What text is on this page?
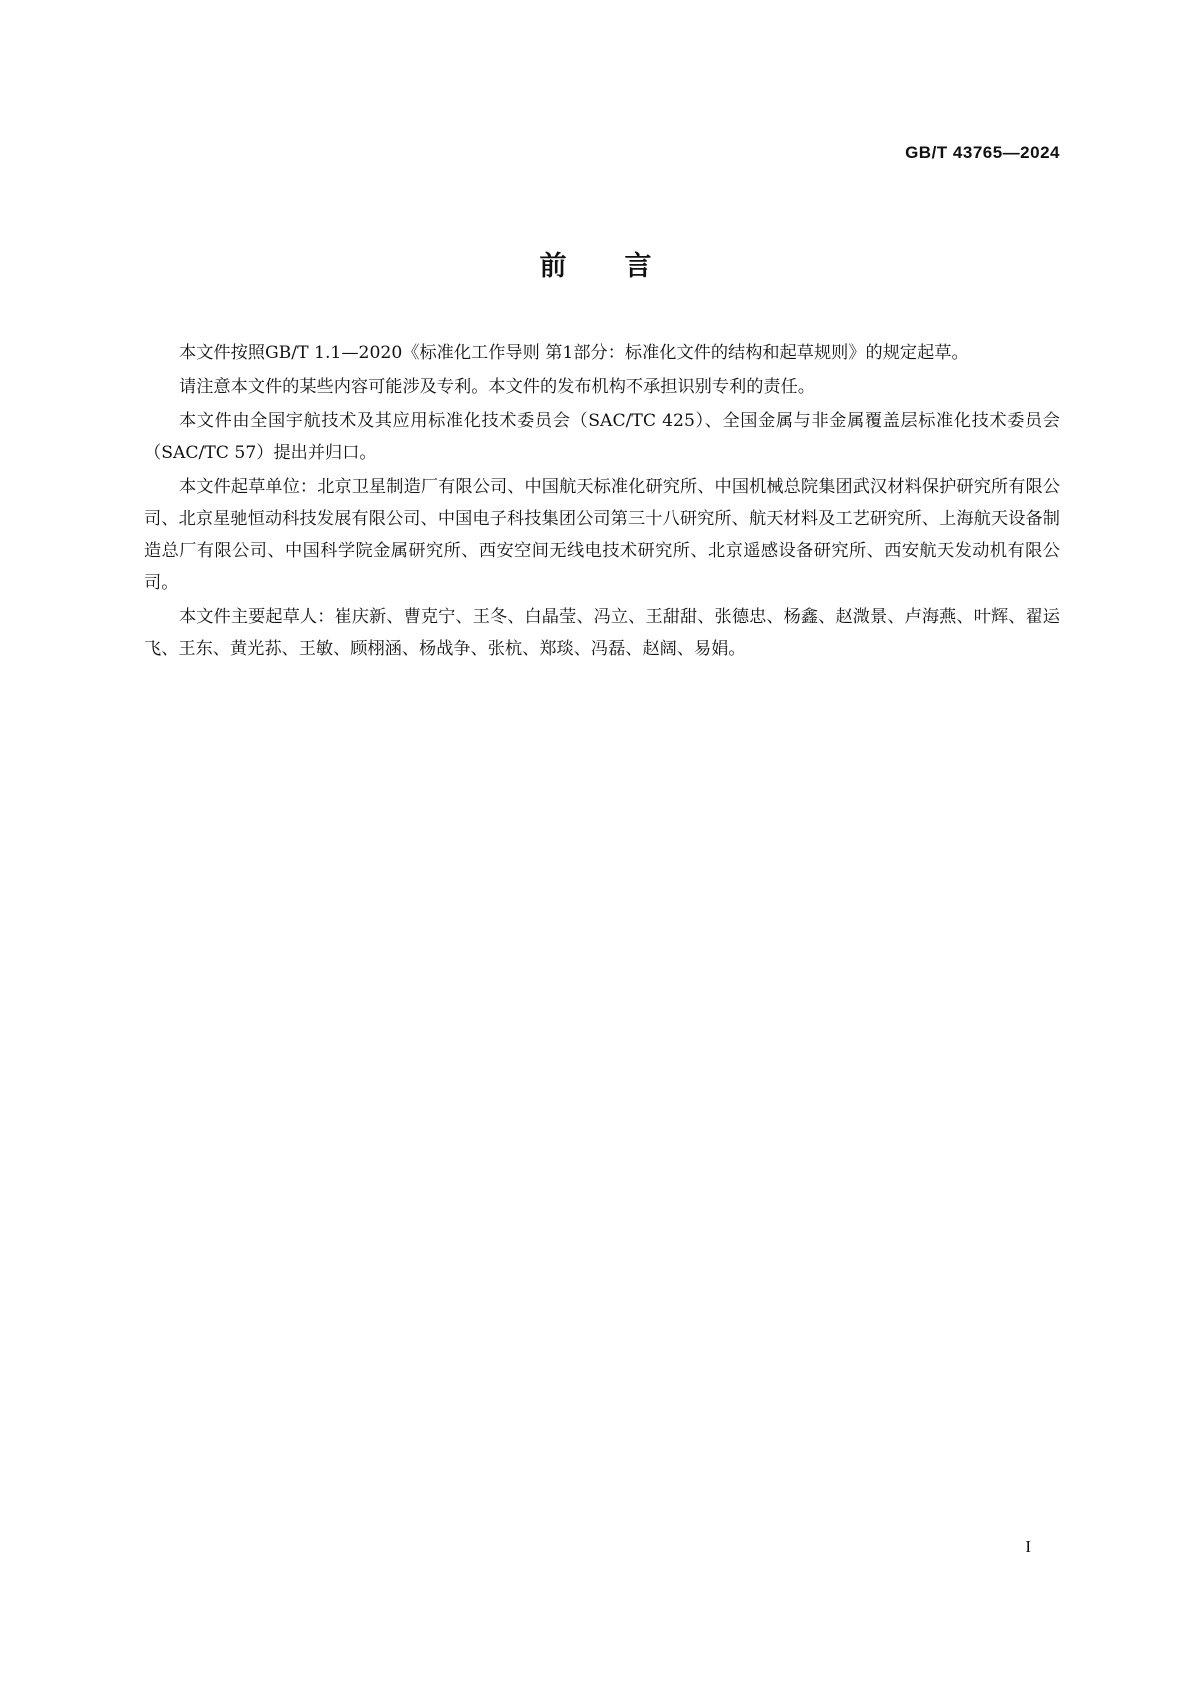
GB/T 43765—2024
前言

本文件按照GB/T 1.1—2020《标准化工作导则 第1部分：标准化文件的结构和起草规则》的规定起草。

请注意本文件的某些内容可能涉及专利。本文件的发布机构不承担识别专利的责任。

本文件由全国宇航技术及其应用标准化技术委员会（SAC/TC 425）、全国金属与非金属覆盖层标准化技术委员会（SAC/TC 57）提出并归口。

本文件起草单位：北京卫星制造厂有限公司、中国航天标准化研究所、中国机械总院集团武汉材料保护研究所有限公司、北京星驰恒动科技发展有限公司、中国电子科技集团公司第三十八研究所、航天材料及工艺研究所、上海航天设备制造总厂有限公司、中国科学院金属研究所、西安空间无线电技术研究所、北京遥感设备研究所、西安航天发动机有限公司。

本文件主要起草人：崔庆新、曹克宁、王冬、白晶莹、冯立、王甜甜、张德忠、杨鑫、赵溦景、卢海燕、叶辉、翟运飞、王东、黄光荪、王敏、顾栩涵、杨战争、张杭、郑琰、冯磊、赵阔、易娟。

I
